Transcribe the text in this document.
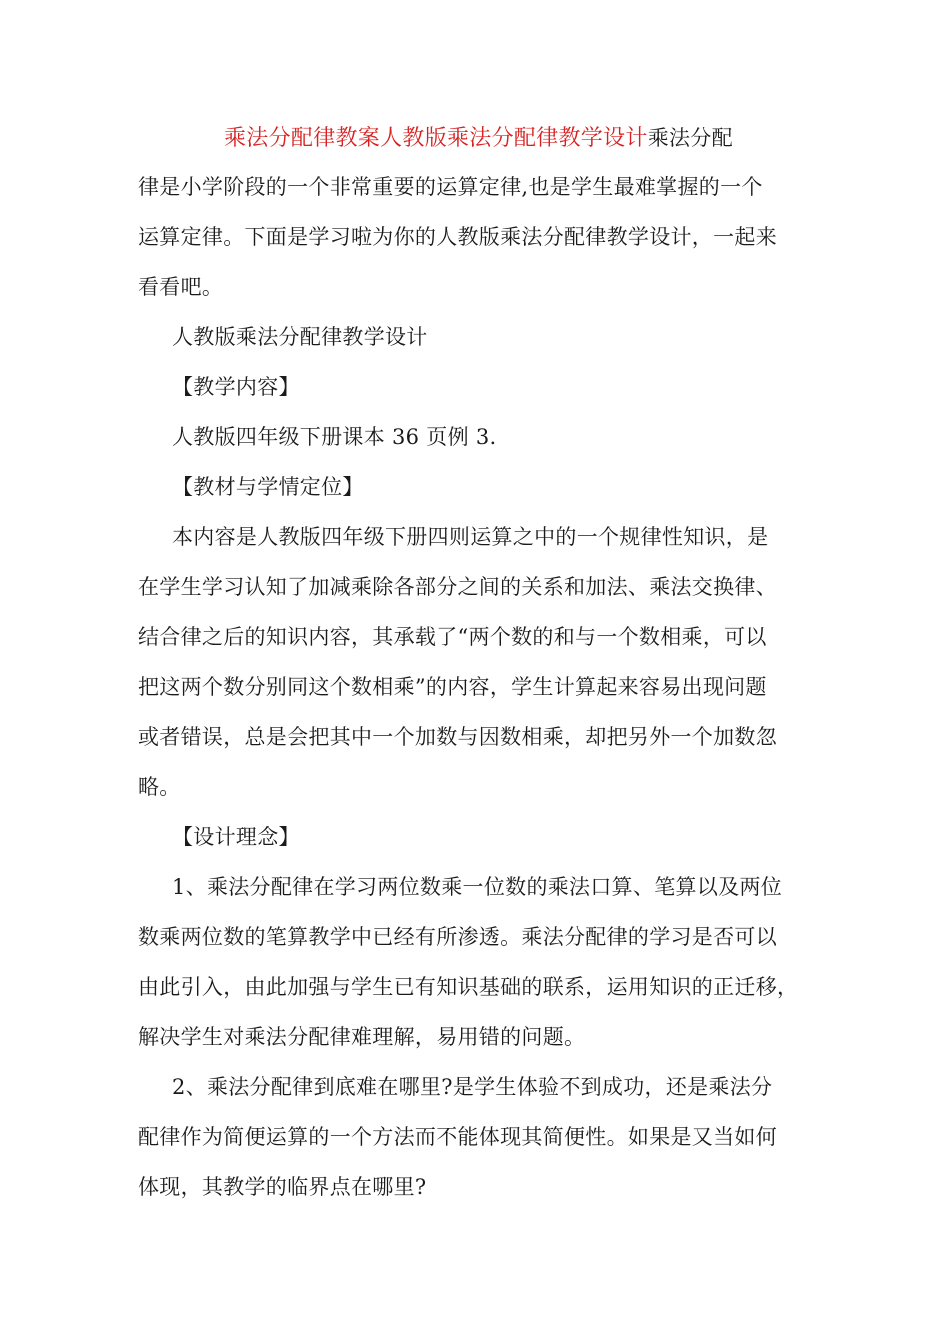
乘法分配律教案人教版乘法分配律教学设计乘法分配
律是小学阶段的一个非常重要的运算定律,也是学生最难掌握的一个
运算定律。下面是学习啦为你的人教版乘法分配律教学设计，一起来
看看吧。
人教版乘法分配律教学设计
【教学内容】
人教版四年级下册课本 36 页例 3.
【教材与学情定位】
本内容是人教版四年级下册四则运算之中的一个规律性知识，是
在学生学习认知了加减乘除各部分之间的关系和加法、乘法交换律、
结合律之后的知识内容，其承载了“两个数的和与一个数相乘，可以
把这两个数分别同这个数相乘”的内容，学生计算起来容易出现问题
或者错误，总是会把其中一个加数与因数相乘，却把另外一个加数忽
略。
【设计理念】
1、乘法分配律在学习两位数乘一位数的乘法口算、笔算以及两位
数乘两位数的笔算教学中已经有所渗透。乘法分配律的学习是否可以
由此引入，由此加强与学生已有知识基础的联系，运用知识的正迁移，
解决学生对乘法分配律难理解，易用错的问题。
2、乘法分配律到底难在哪里?是学生体验不到成功，还是乘法分
配律作为简便运算的一个方法而不能体现其简便性。如果是又当如何
体现，其教学的临界点在哪里?
